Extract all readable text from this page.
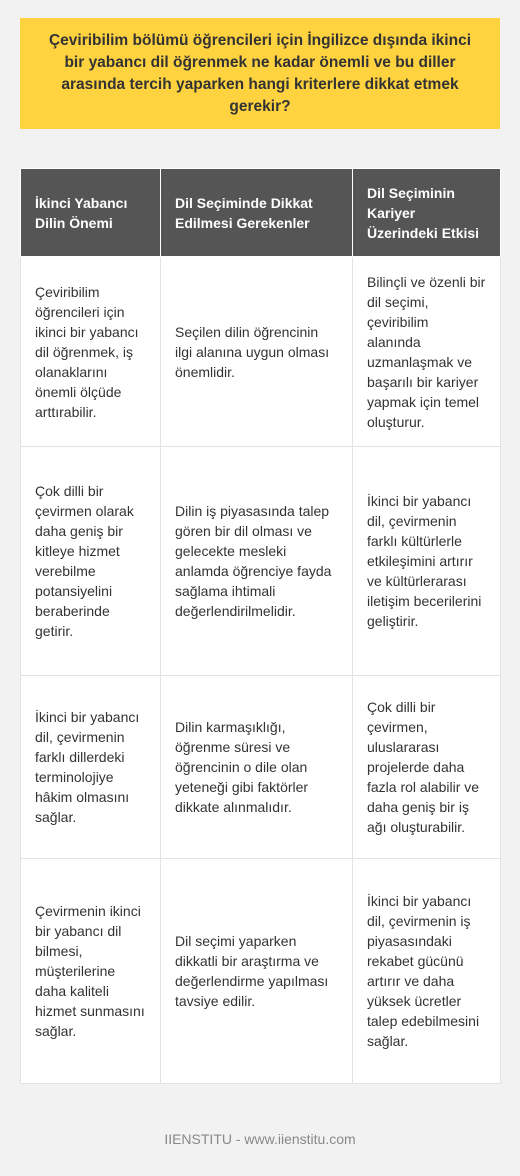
Çeviribilim bölümü öğrencileri için İngilizce dışında ikinci bir yabancı dil öğrenmek ne kadar önemli ve bu diller arasında tercih yaparken hangi kriterlere dikkat etmek gerekir?

İkinci Yabancı Dilin Önemi	Dil Seçiminde Dikkat Edilmesi Gerekenler	Dil Seçiminin Kariyer Üzerindeki Etkisi
Çeviribilim öğrencileri için ikinci bir yabancı dil öğrenmek, iş olanaklarını önemli ölçüde arttırabilir.	Seçilen dilin öğrencinin ilgi alanına uygun olması önemlidir.	Bilinçli ve özenli bir dil seçimi, çeviribilim alanında uzmanlaşmak ve başarılı bir kariyer yapmak için temel oluşturur.
Çok dilli bir çevirmen olarak daha geniş bir kitleye hizmet verebilme potansiyelini beraberinde getirir.	Dilin iş piyasasında talep gören bir dil olması ve gelecekte mesleki anlamda öğrenciye fayda sağlama ihtimali değerlendirilmelidir.	İkinci bir yabancı dil, çevirmenin farklı kültürlerle etkileşimini artırır ve kültürlerarası iletişim becerilerini geliştirir.
İkinci bir yabancı dil, çevirmenin farklı dillerdeki terminolojiye hâkim olmasını sağlar.	Dilin karmaşıklığı, öğrenme süresi ve öğrencinin o dile olan yeteneği gibi faktörler dikkate alınmalıdır.	Çok dilli bir çevirmen, uluslararası projelerde daha fazla rol alabilir ve daha geniş bir iş ağı oluşturabilir.
Çevirmenin ikinci bir yabancı dil bilmesi, müşterilerine daha kaliteli hizmet sunmasını sağlar.	Dil seçimi yaparken dikkatli bir araştırma ve değerlendirme yapılması tavsiye edilir.	İkinci bir yabancı dil, çevirmenin iş piyasasındaki rekabet gücünü artırır ve daha yüksek ücretler talep edebilmesini sağlar.
IIENSTITU - www.iienstitu.com
